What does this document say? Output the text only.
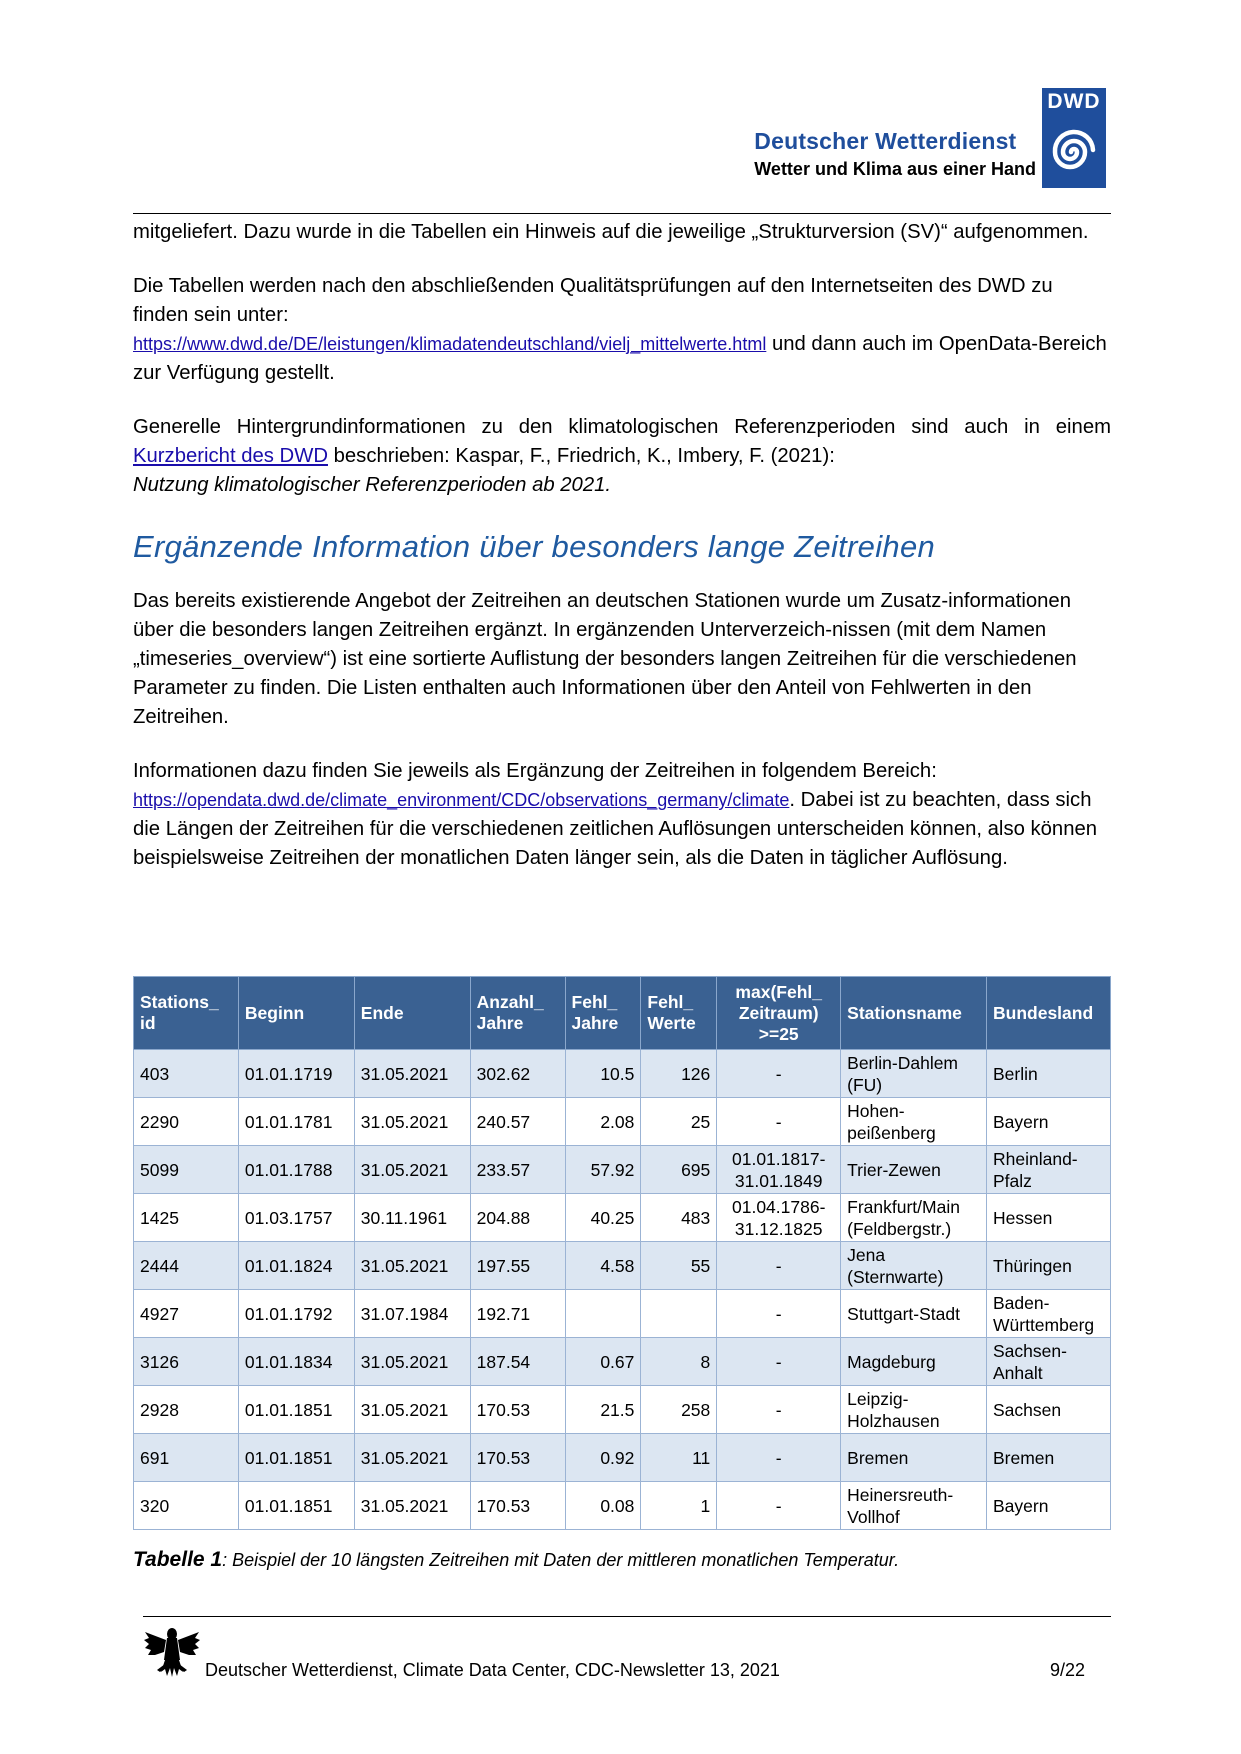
Deutscher Wetterdienst
Wetter und Klima aus einer Hand
DWD

mitgeliefert. Dazu wurde in die Tabellen ein Hinweis auf die jeweilige „Strukturversion (SV)“ aufgenommen.

Die Tabellen werden nach den abschließenden Qualitätsprüfungen auf den Internetseiten des DWD zu finden sein unter:
https://www.dwd.de/DE/leistungen/klimadatendeutschland/vielj_mittelwerte.html und dann auch im OpenData-Bereich zur Verfügung gestellt.

Generelle Hintergrundinformationen zu den klimatologischen Referenzperioden sind auch in einem Kurzbericht des DWD beschrieben: Kaspar, F., Friedrich, K., Imbery, F. (2021):
Nutzung klimatologischer Referenzperioden ab 2021.

Ergänzende Information über besonders lange Zeitreihen

Das bereits existierende Angebot der Zeitreihen an deutschen Stationen wurde um Zusatz-informationen über die besonders langen Zeitreihen ergänzt. In ergänzenden Unterverzeich-nissen (mit dem Namen „timeseries_overview“) ist eine sortierte Auflistung der besonders langen Zeitreihen für die verschiedenen Parameter zu finden. Die Listen enthalten auch Informationen über den Anteil von Fehlwerten in den Zeitreihen.

Informationen dazu finden Sie jeweils als Ergänzung der Zeitreihen in folgendem Bereich:
https://opendata.dwd.de/climate_environment/CDC/observations_germany/climate. Dabei ist zu beachten, dass sich die Längen der Zeitreihen für die verschiedenen zeitlichen Auflösungen unterscheiden können, also können beispielsweise Zeitreihen der monatlichen Daten länger sein, als die Daten in täglicher Auflösung.

Stations_ id	Beginn	Ende	Anzahl_ Jahre	Fehl_ Jahre	Fehl_ Werte	max(Fehl_ Zeitraum) >=25	Stationsname	Bundesland
403	01.01.1719	31.05.2021	302.62	10.5	126	-	Berlin-Dahlem (FU)	Berlin
2290	01.01.1781	31.05.2021	240.57	2.08	25	-	Hohen-peißenberg	Bayern
5099	01.01.1788	31.05.2021	233.57	57.92	695	01.01.1817-31.01.1849	Trier-Zewen	Rheinland-Pfalz
1425	01.03.1757	30.11.1961	204.88	40.25	483	01.04.1786-31.12.1825	Frankfurt/Main (Feldbergstr.)	Hessen
2444	01.01.1824	31.05.2021	197.55	4.58	55	-	Jena (Sternwarte)	Thüringen
4927	01.01.1792	31.07.1984	192.71			-	Stuttgart-Stadt	Baden-Württemberg
3126	01.01.1834	31.05.2021	187.54	0.67	8	-	Magdeburg	Sachsen-Anhalt
2928	01.01.1851	31.05.2021	170.53	21.5	258	-	Leipzig-Holzhausen	Sachsen
691	01.01.1851	31.05.2021	170.53	0.92	11	-	Bremen	Bremen
320	01.01.1851	31.05.2021	170.53	0.08	1	-	Heinersreuth-Vollhof	Bayern
Tabelle 1: Beispiel der 10 längsten Zeitreihen mit Daten der mittleren monatlichen Temperatur.
Deutscher Wetterdienst, Climate Data Center, CDC-Newsletter 13, 2021	9/22
